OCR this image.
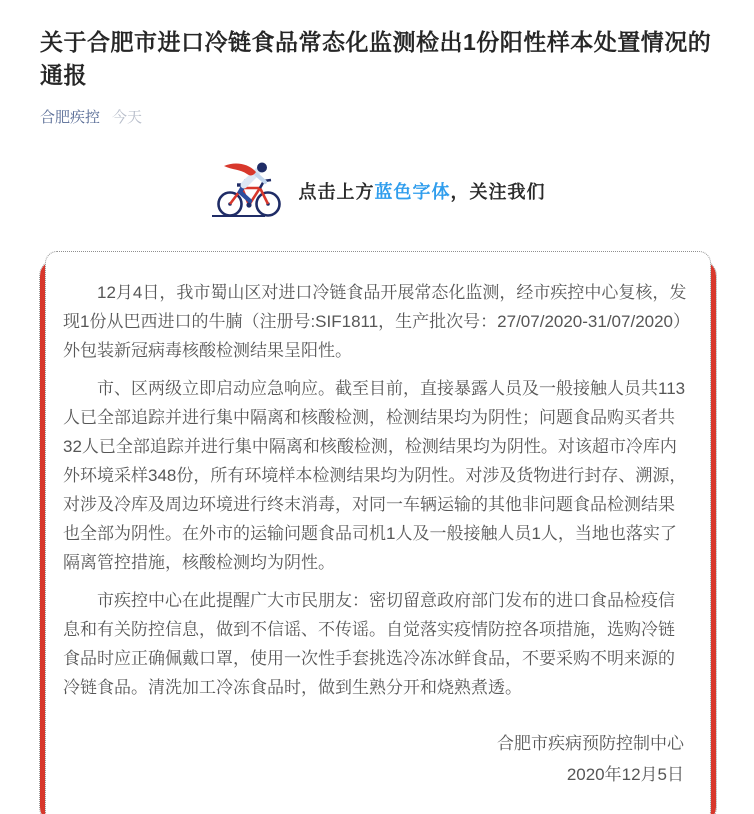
关于合肥市进口冷链食品常态化监测检出1份阳性样本处置情况的通报
合肥疾控 今天
点击上方蓝色字体，关注我们

12月4日，我市蜀山区对进口冷链食品开展常态化监测，经市疾控中心复核，发现1份从巴西进口的牛腩（注册号:SIF1811，生产批次号：27/07/2020-31/07/2020）外包装新冠病毒核酸检测结果呈阳性。

市、区两级立即启动应急响应。截至目前，直接暴露人员及一般接触人员共113人已全部追踪并进行集中隔离和核酸检测，检测结果均为阴性；问题食品购买者共32人已全部追踪并进行集中隔离和核酸检测，检测结果均为阴性。对该超市冷库内外环境采样348份，所有环境样本检测结果均为阴性。对涉及货物进行封存、溯源，对涉及冷库及周边环境进行终末消毒，对同一车辆运输的其他非问题食品检测结果也全部为阴性。在外市的运输问题食品司机1人及一般接触人员1人，当地也落实了隔离管控措施，核酸检测均为阴性。

市疾控中心在此提醒广大市民朋友：密切留意政府部门发布的进口食品检疫信息和有关防控信息，做到不信谣、不传谣。自觉落实疫情防控各项措施，选购冷链食品时应正确佩戴口罩，使用一次性手套挑选冷冻冰鲜食品，不要采购不明来源的冷链食品。清洗加工冷冻食品时，做到生熟分开和烧熟煮透。

合肥市疾病预防控制中心
2020年12月5日
